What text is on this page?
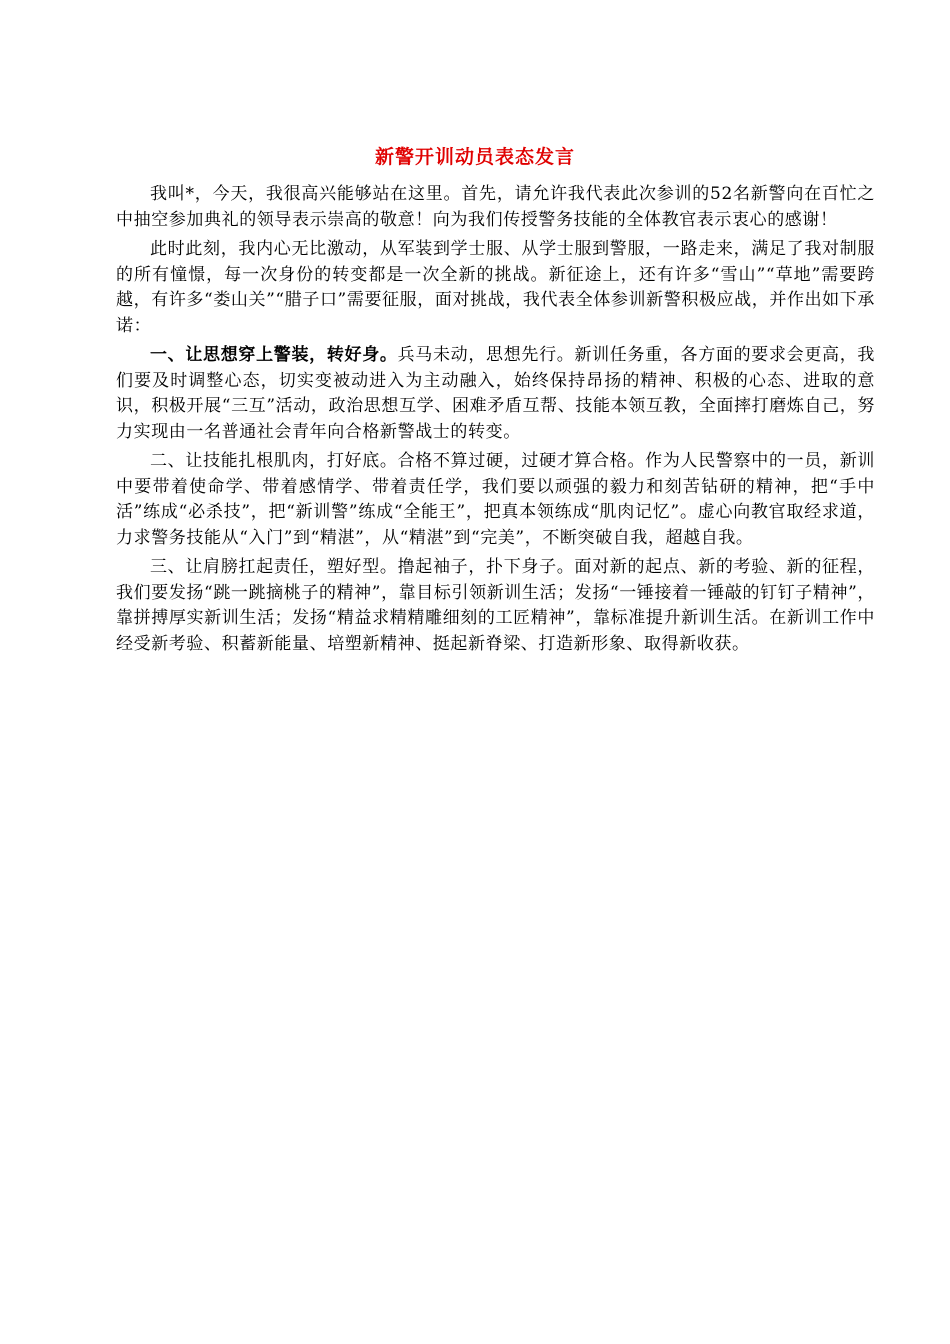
新警开训动员表态发言

我叫*，今天，我很高兴能够站在这里。首先，请允许我代表此次参训的52名新警向在百忙之中抽空参加典礼的领导表示崇高的敬意！向为我们传授警务技能的全体教官表示衷心的感谢！

此时此刻，我内心无比激动，从军装到学士服、从学士服到警服，一路走来，满足了我对制服的所有憧憬，每一次身份的转变都是一次全新的挑战。新征途上，还有许多“雪山”“草地”需要跨越，有许多“娄山关”“腊子口”需要征服，面对挑战，我代表全体参训新警积极应战，并作出如下承诺：

一、让思想穿上警装，转好身。兵马未动，思想先行。新训任务重，各方面的要求会更高，我们要及时调整心态，切实变被动进入为主动融入，始终保持昂扬的精神、积极的心态、进取的意识，积极开展“三互”活动，政治思想互学、困难矛盾互帮、技能本领互教，全面摔打磨炼自己，努力实现由一名普通社会青年向合格新警战士的转变。

二、让技能扎根肌肉，打好底。合格不算过硬，过硬才算合格。作为人民警察中的一员，新训中要带着使命学、带着感情学、带着责任学，我们要以顽强的毅力和刻苦钻研的精神，把“手中活”练成“必杀技”，把“新训警”练成“全能王”，把真本领练成“肌肉记忆”。虚心向教官取经求道，力求警务技能从“入门”到“精湛”，从“精湛”到“完美”，不断突破自我，超越自我。

三、让肩膀扛起责任，塑好型。撸起袖子，扑下身子。面对新的起点、新的考验、新的征程，我们要发扬“跳一跳摘桃子的精神”，靠目标引领新训生活；发扬“一锤接着一锤敲的钉钉子精神”，靠拼搏厚实新训生活；发扬“精益求精精雕细刻的工匠精神”，靠标准提升新训生活。在新训工作中经受新考验、积蓄新能量、培塑新精神、挺起新脊梁、打造新形象、取得新收获。
